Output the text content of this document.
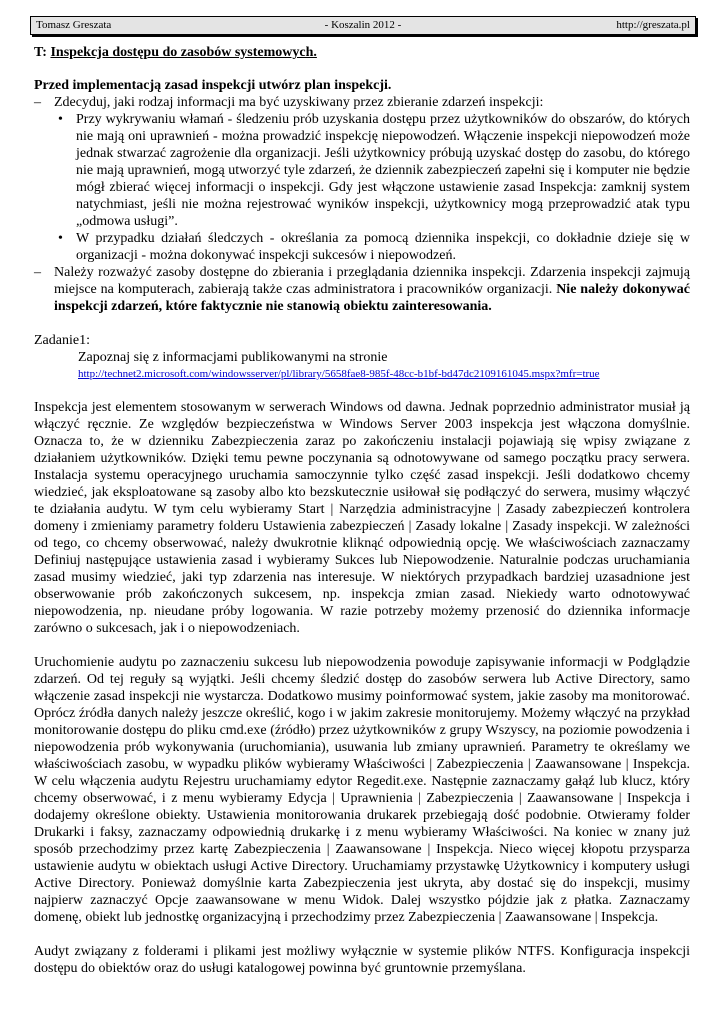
Tomasz Greszata	- Koszalin 2012 -	http://greszata.pl

T: Inspekcja dostępu do zasobów systemowych.

Przed implementacją zasad inspekcji utwórz plan inspekcji.

– Zdecyduj, jaki rodzaj informacji ma być uzyskiwany przez zbieranie zdarzeń inspekcji:

• Przy wykrywaniu włamań - śledzeniu prób uzyskania dostępu przez użytkowników do obszarów, do których nie mają oni uprawnień - można prowadzić inspekcję niepowodzeń. Włączenie inspekcji niepowodzeń może jednak stwarzać zagrożenie dla organizacji. Jeśli użytkownicy próbują uzyskać dostęp do zasobu, do którego nie mają uprawnień, mogą utworzyć tyle zdarzeń, że dziennik zabezpieczeń zapełni się i komputer nie będzie mógł zbierać więcej informacji o inspekcji. Gdy jest włączone ustawienie zasad Inspekcja: zamknij system natychmiast, jeśli nie można rejestrować wyników inspekcji, użytkownicy mogą przeprowadzić atak typu „odmowa usługi”.

• W przypadku działań śledczych - określania za pomocą dziennika inspekcji, co dokładnie dzieje się w organizacji - można dokonywać inspekcji sukcesów i niepowodzeń.

– Należy rozważyć zasoby dostępne do zbierania i przeglądania dziennika inspekcji. Zdarzenia inspekcji zajmują miejsce na komputerach, zabierają także czas administratora i pracowników organizacji. Nie należy dokonywać inspekcji zdarzeń, które faktycznie nie stanowią obiektu zainteresowania.

Zadanie1:

Zapoznaj się z informacjami publikowanymi na stronie

http://technet2.microsoft.com/windowsserver/pl/library/5658fae8-985f-48cc-b1bf-bd47dc2109161045.mspx?mfr=true

Inspekcja jest elementem stosowanym w serwerach Windows od dawna. Jednak poprzednio administrator musiał ją włączyć ręcznie. Ze względów bezpieczeństwa w Windows Server 2003 inspekcja jest włączona domyślnie. Oznacza to, że w dzienniku Zabezpieczenia zaraz po zakończeniu instalacji pojawiają się wpisy związane z działaniem użytkowników. Dzięki temu pewne poczynania są odnotowywane od samego początku pracy serwera. Instalacja systemu operacyjnego uruchamia samoczynnie tylko część zasad inspekcji. Jeśli dodatkowo chcemy wiedzieć, jak eksploatowane są zasoby albo kto bezskutecznie usiłował się podłączyć do serwera, musimy włączyć te działania audytu. W tym celu wybieramy Start | Narzędzia administracyjne | Zasady zabezpieczeń kontrolera domeny i zmieniamy parametry folderu Ustawienia zabezpieczeń | Zasady lokalne | Zasady inspekcji. W zależności od tego, co chcemy obserwować, należy dwukrotnie kliknąć odpowiednią opcję. We właściwościach zaznaczamy Definiuj następujące ustawienia zasad i wybieramy Sukces lub Niepowodzenie. Naturalnie podczas uruchamiania zasad musimy wiedzieć, jaki typ zdarzenia nas interesuje. W niektórych przypadkach bardziej uzasadnione jest obserwowanie prób zakończonych sukcesem, np. inspekcja zmian zasad. Niekiedy warto odnotowywać niepowodzenia, np. nieudane próby logowania. W razie potrzeby możemy przenosić do dziennika informacje zarówno o sukcesach, jak i o niepowodzeniach.

Uruchomienie audytu po zaznaczeniu sukcesu lub niepowodzenia powoduje zapisywanie informacji w Podglądzie zdarzeń. Od tej reguły są wyjątki. Jeśli chcemy śledzić dostęp do zasobów serwera lub Active Directory, samo włączenie zasad inspekcji nie wystarcza. Dodatkowo musimy poinformować system, jakie zasoby ma monitorować. Oprócz źródła danych należy jeszcze określić, kogo i w jakim zakresie monitorujemy. Możemy włączyć na przykład monitorowanie dostępu do pliku cmd.exe (źródło) przez użytkowników z grupy Wszyscy, na poziomie powodzenia i niepowodzenia prób wykonywania (uruchomiania), usuwania lub zmiany uprawnień. Parametry te określamy we właściwościach zasobu, w wypadku plików wybieramy Właściwości | Zabezpieczenia | Zaawansowane | Inspekcja. W celu włączenia audytu Rejestru uruchamiamy edytor Regedit.exe. Następnie zaznaczamy gałąź lub klucz, który chcemy obserwować, i z menu wybieramy Edycja | Uprawnienia | Zabezpieczenia | Zaawansowane | Inspekcja i dodajemy określone obiekty. Ustawienia monitorowania drukarek przebiegają dość podobnie. Otwieramy folder Drukarki i faksy, zaznaczamy odpowiednią drukarkę i z menu wybieramy Właściwości. Na koniec w znany już sposób przechodzimy przez kartę Zabezpieczenia | Zaawansowane | Inspekcja. Nieco więcej kłopotu przysparza ustawienie audytu w obiektach usługi Active Directory. Uruchamiamy przystawkę Użytkownicy i komputery usługi Active Directory. Ponieważ domyślnie karta Zabezpieczenia jest ukryta, aby dostać się do inspekcji, musimy najpierw zaznaczyć Opcje zaawansowane w menu Widok. Dalej wszystko pójdzie jak z płatka. Zaznaczamy domenę, obiekt lub jednostkę organizacyjną i przechodzimy przez Zabezpieczenia | Zaawansowane | Inspekcja.

Audyt związany z folderami i plikami jest możliwy wyłącznie w systemie plików NTFS. Konfiguracja inspekcji dostępu do obiektów oraz do usługi katalogowej powinna być gruntownie przemyślana.
